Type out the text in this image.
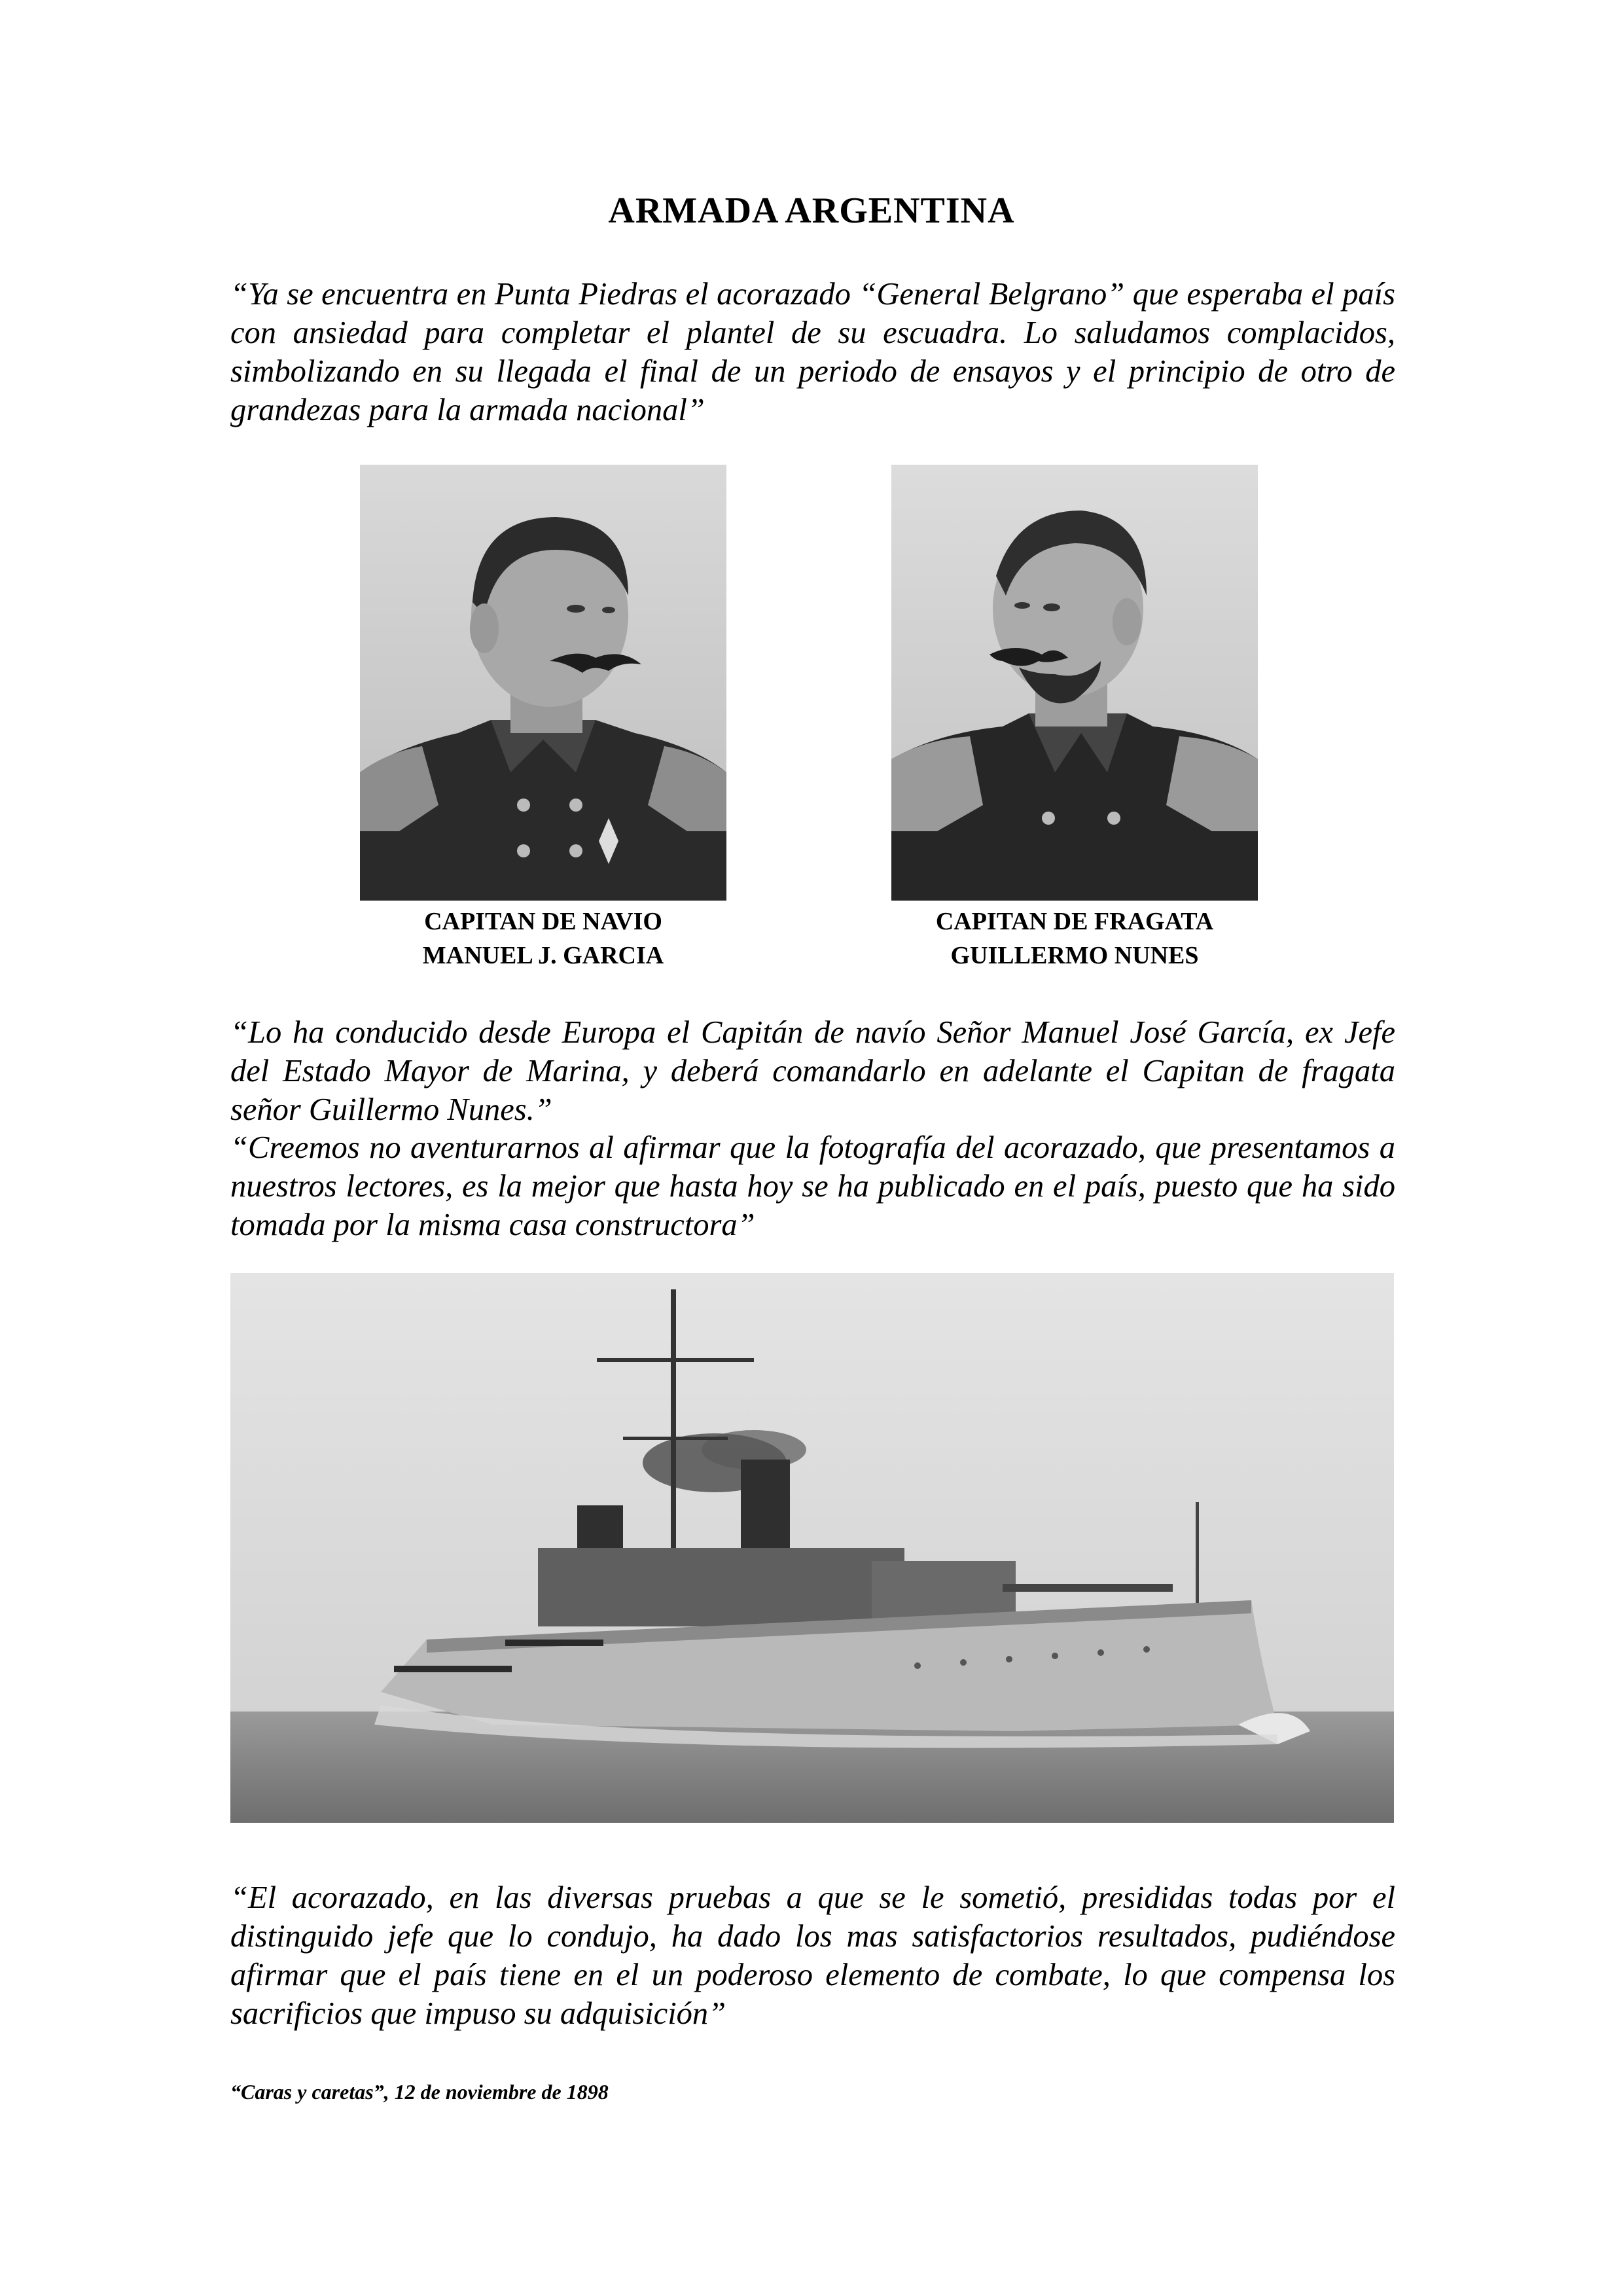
ARMADA ARGENTINA

“Ya se encuentra en Punta Piedras el acorazado “General Belgrano” que esperaba el país con ansiedad para completar el plantel de su escuadra. Lo saludamos complacidos, simbolizando en su llegada el final de un periodo de ensayos y el principio de otro de grandezas para la armada nacional”

CAPITAN DE NAVIO
MANUEL J. GARCIA
CAPITAN DE FRAGATA
GUILLERMO NUNES

“Lo ha conducido desde Europa el Capitán de navío Señor Manuel José García, ex Jefe del Estado Mayor de Marina, y deberá comandarlo en adelante el Capitan de fragata señor Guillermo Nunes.”

“Creemos no aventurarnos al afirmar que la fotografía del acorazado, que presentamos a nuestros lectores, es la mejor que hasta hoy se ha publicado en el país, puesto que ha sido tomada por la misma casa constructora”

“El acorazado, en las diversas pruebas a que se le sometió, presididas todas por el distinguido jefe que lo condujo, ha dado los mas satisfactorios resultados, pudiéndose afirmar que el país tiene en el un poderoso elemento de combate, lo que compensa los sacrificios que impuso su adquisición”

“Caras y caretas”, 12 de noviembre de 1898
